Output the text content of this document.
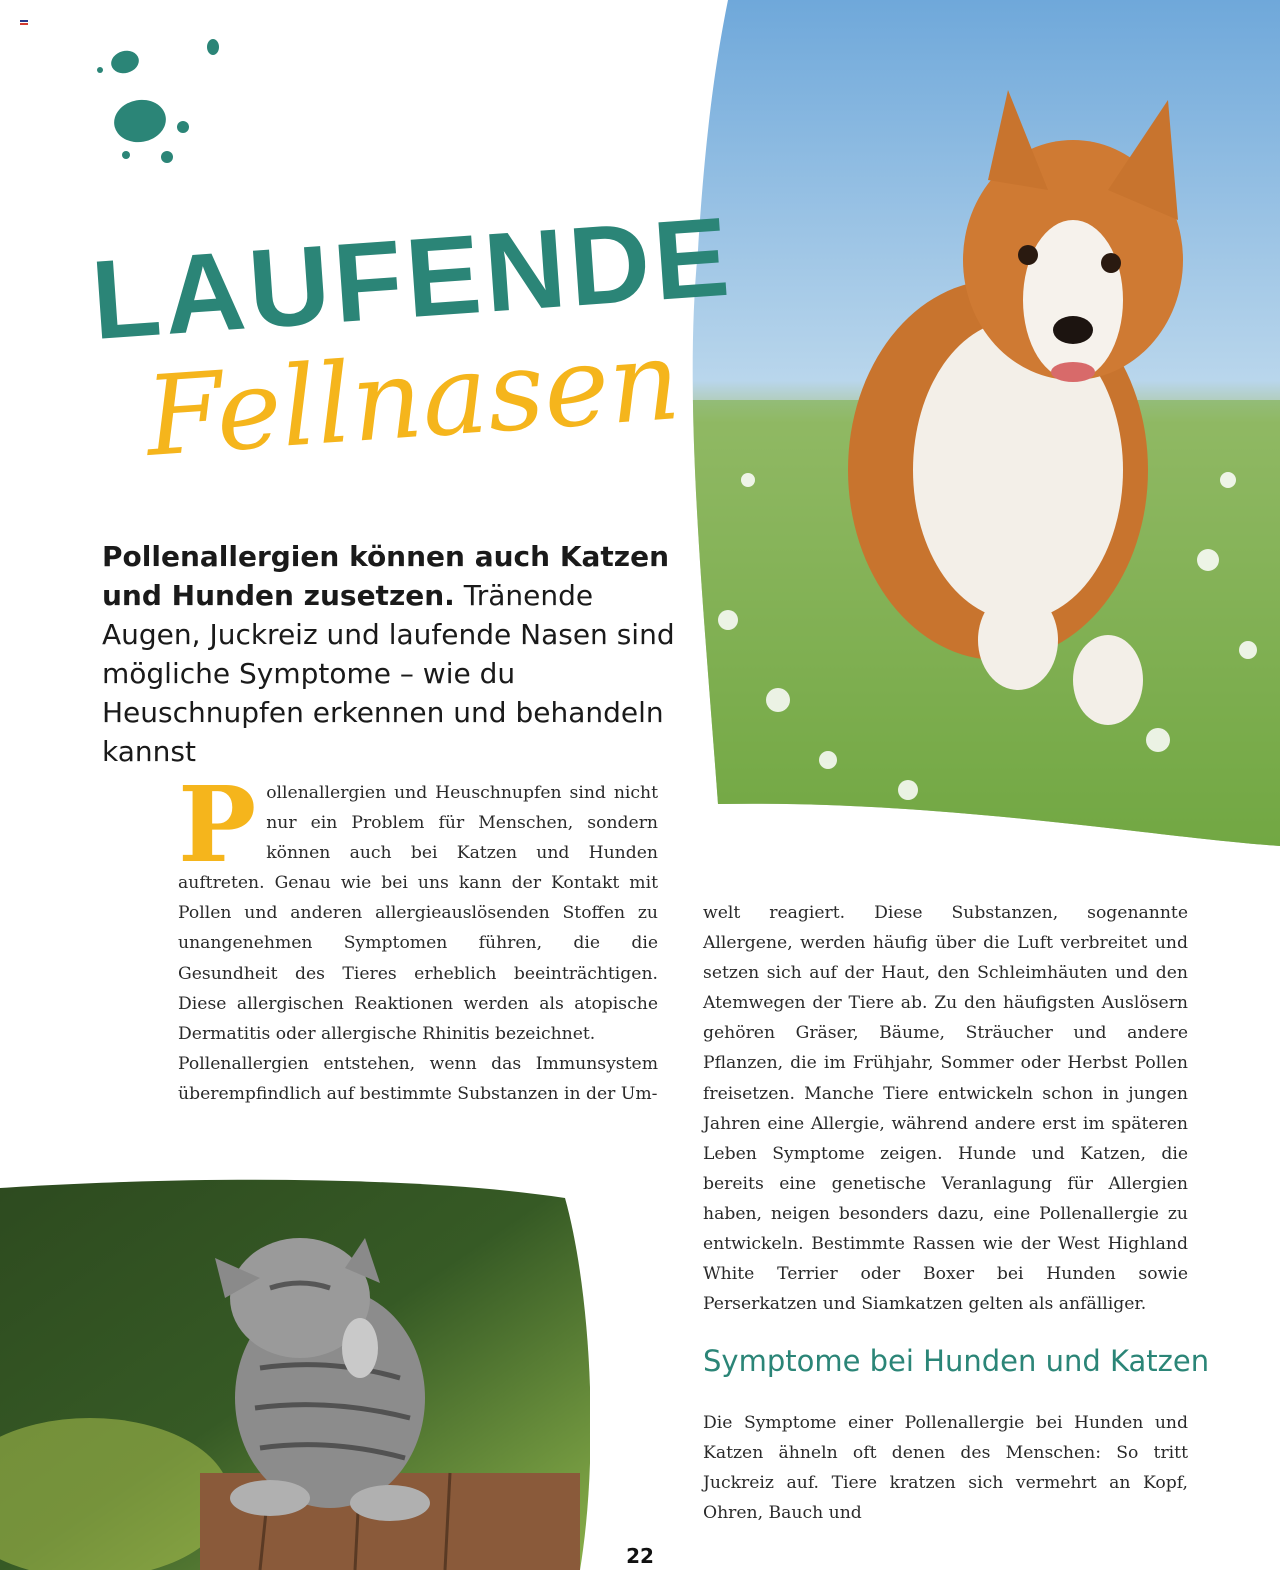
LAUFENDE
Fellnasen
Pollenallergien können auch Katzen und Hunden zusetzen. Tränende Augen, Juckreiz und laufende Nasen sind mögliche Symptome – wie du Heuschnupfen erkennen und behandeln kannst
P ollenallergien und Heuschnupfen sind nicht nur ein Problem für Menschen, sondern können auch bei Katzen und Hunden auftreten. Genau wie bei uns kann der Kontakt mit Pollen und anderen allergieauslösenden Stoffen zu unangenehmen Symptomen führen, die die Gesundheit des Tieres erheblich beeinträchtigen. Diese allergischen Reaktionen werden als atopische Dermatitis oder allergische Rhinitis bezeichnet.
Pollenallergien entstehen, wenn das Immunsystem überempfindlich auf bestimmte Substanzen in der Um-
welt reagiert. Diese Substanzen, sogenannte Allergene, werden häufig über die Luft verbreitet und setzen sich auf der Haut, den Schleimhäuten und den Atemwegen der Tiere ab. Zu den häufigsten Auslösern gehören Gräser, Bäume, Sträucher und andere Pflanzen, die im Frühjahr, Sommer oder Herbst Pollen freisetzen. Manche Tiere entwickeln schon in jungen Jahren eine Allergie, während andere erst im späteren Leben Symptome zeigen. Hunde und Katzen, die bereits eine genetische Veranlagung für Allergien haben, neigen besonders dazu, eine Pollenallergie zu entwickeln. Bestimmte Rassen wie der West Highland White Terrier oder Boxer bei Hunden sowie Perserkatzen und Siamkatzen gelten als anfälliger.
Symptome bei Hunden und Katzen
Die Symptome einer Pollenallergie bei Hunden und Katzen ähneln oft denen des Menschen: So tritt Juckreiz auf. Tiere kratzen sich vermehrt an Kopf, Ohren, Bauch und
22
